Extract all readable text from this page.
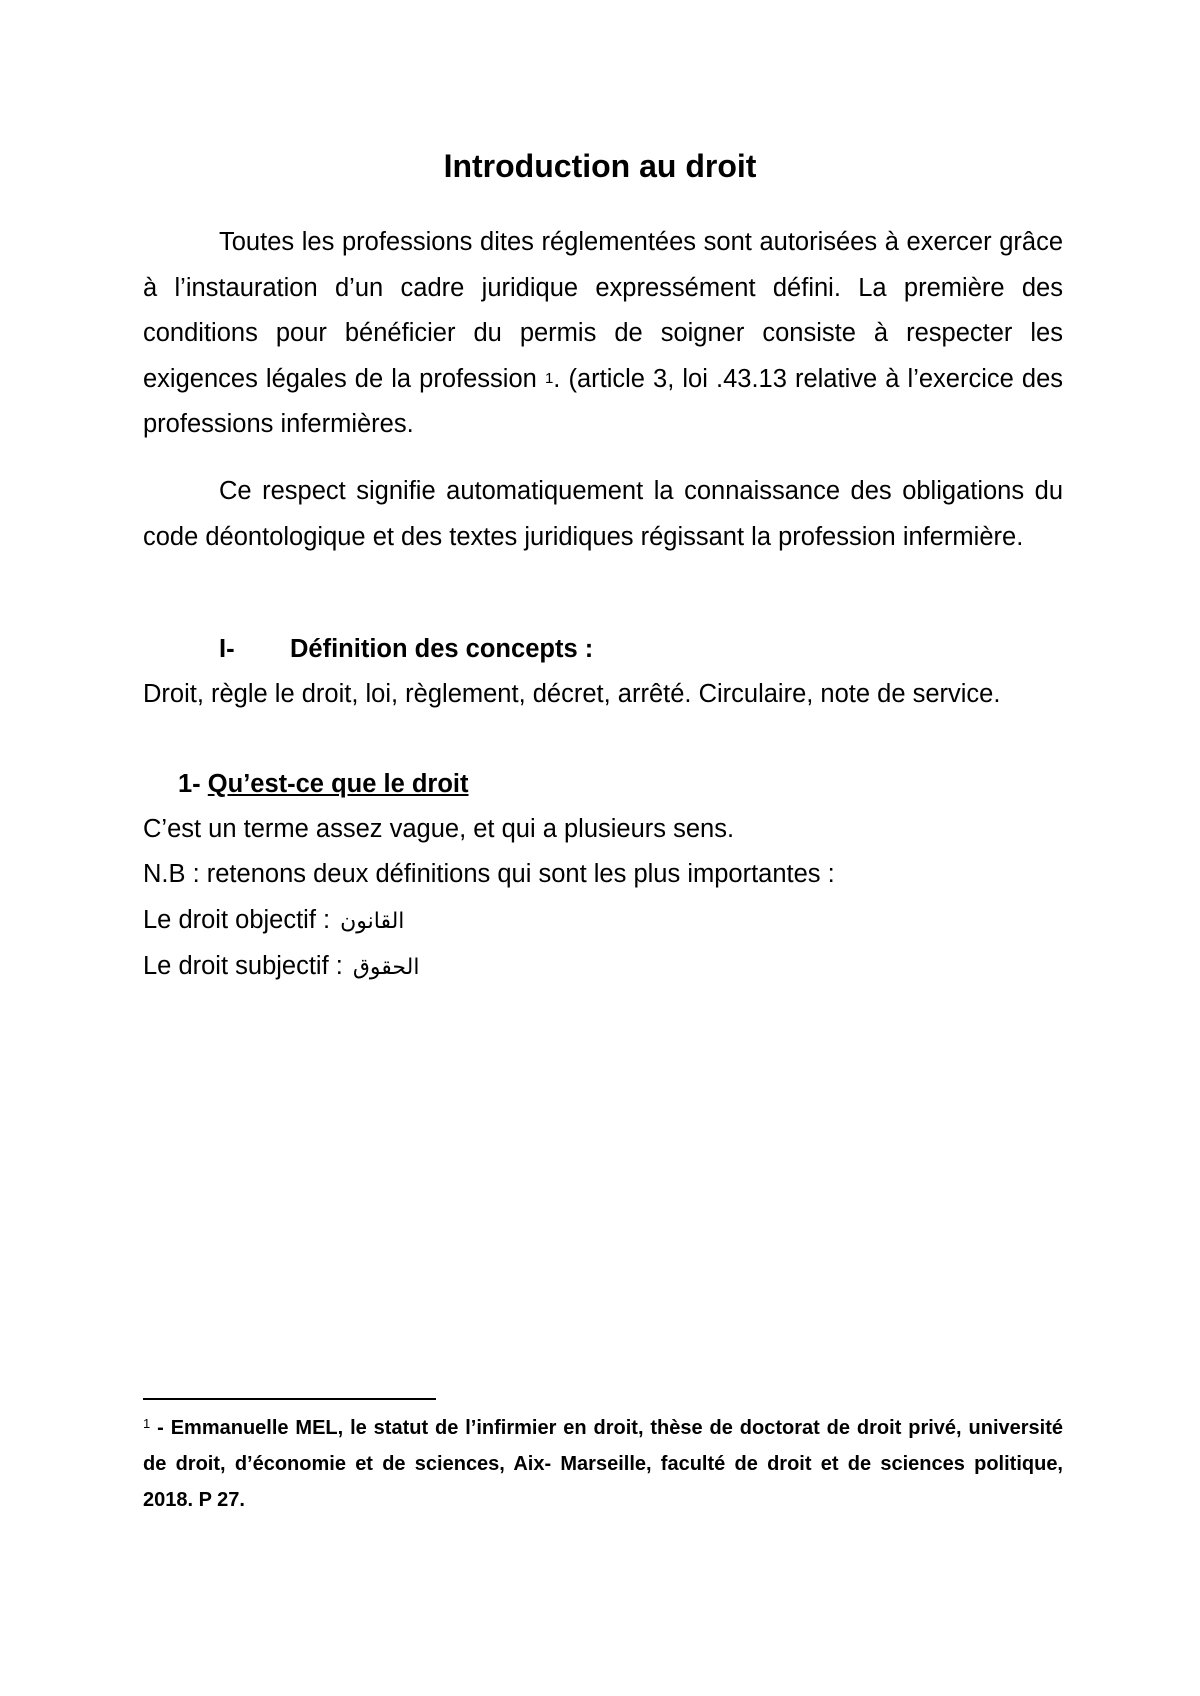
Introduction au droit

Toutes les professions dites réglementées sont autorisées à exercer grâce à l’instauration d’un cadre juridique expressément défini. La première des conditions pour bénéficier du permis de soigner consiste à respecter les exigences légales de la profession $^1$. (article 3, loi .43.13 relative à l’exercice des professions infermières.

Ce respect signifie automatiquement la connaissance des obligations du code déontologique et des textes juridiques régissant la profession infermière.

I- Définition des concepts :
Droit, règle le droit, loi, règlement, décret, arrêté. Circulaire, note de service.
1- Qu’est-ce que le droit
C’est un terme assez vague, et qui a plusieurs sens.
N.B : retenons deux définitions qui sont les plus importantes :
Le droit objectif : القانون
Le droit subjectif : الحقوق
$^1$ - Emmanuelle MEL, le statut de l’infirmier en droit, thèse de doctorat de droit privé, université de droit, d’économie et de sciences, Aix- Marseille, faculté de droit et de sciences politique, 2018. P 27.
